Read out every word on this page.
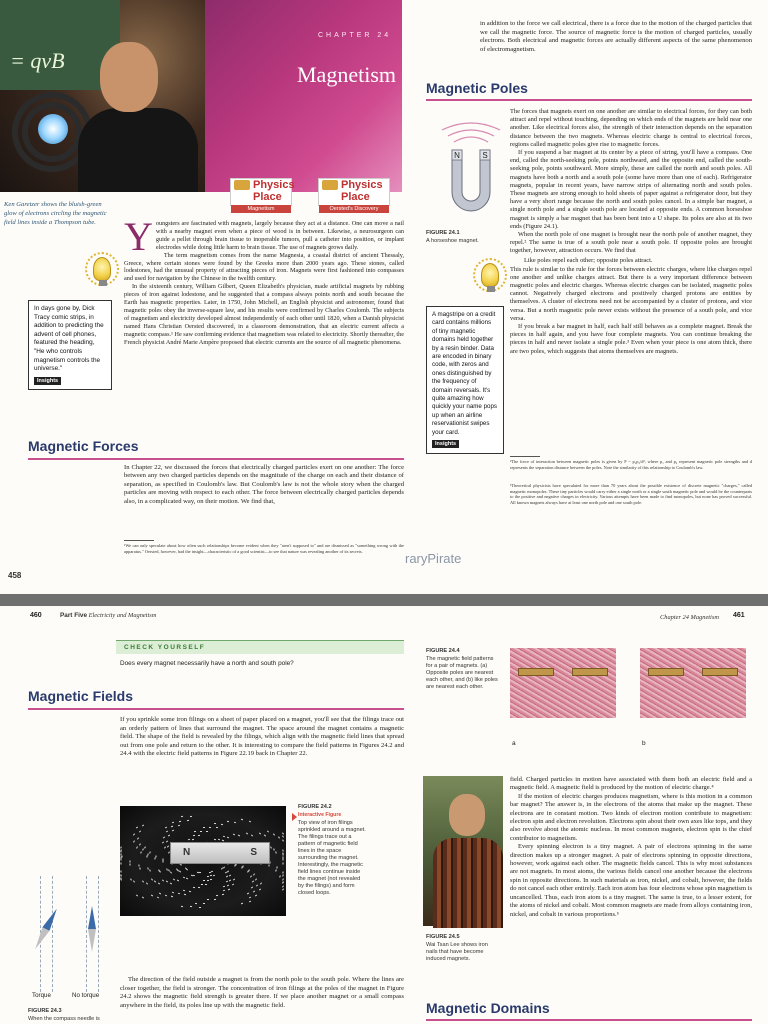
= qvB
CHAPTER 24
Magnetism
Ken Garetzer shows the bluish-green glow of electrons circling the magnetic field lines inside a Thompson tube.
Physics
Place
Magnetism
Physics
Place
Oersted's Discovery

Youngsters are fascinated with magnets, largely because they act at a distance. One can move a nail with a nearby magnet even when a piece of wood is in between. Likewise, a neurosurgeon can guide a pellet through brain tissue to inoperable tumors, pull a catheter into position, or implant electrodes while doing little harm to brain tissue. The use of magnets grows daily.

The term magnetism comes from the name Magnesia, a coastal district of ancient Thessaly, Greece, where certain stones were found by the Greeks more than 2000 years ago. These stones, called lodestones, had the unusual property of attracting pieces of iron. Magnets were first fashioned into compasses and used for navigation by the Chinese in the twelfth century.

In the sixteenth century, William Gilbert, Queen Elizabeth's physician, made artificial magnets by rubbing pieces of iron against lodestone, and he suggested that a compass always points north and south because the Earth has magnetic properties. Later, in 1750, John Michell, an English physicist and astronomer, found that magnetic poles obey the inverse-square law, and his results were confirmed by Charles Coulomb. The subjects of magnetism and electricity developed almost independently of each other until 1820, when a Danish physicist named Hans Christian Oersted discovered, in a classroom demonstration, that an electric current affects a magnetic compass.¹ He saw confirming evidence that magnetism was related to electricity. Shortly thereafter, the French physicist André Marie Ampère proposed that electric currents are the source of all magnetic phenomena.

In days gone by, Dick Tracy comic strips, in addition to predicting the advent of cell phones, featured the heading, "He who controls magnetism controls the universe."
Insights
Magnetic Forces
In Chapter 22, we discussed the forces that electrically charged particles exert on one another: The force between any two charged particles depends on the magnitude of the charge on each and their distance of separation, as specified in Coulomb's law. But Coulomb's law is not the whole story when the charged particles are moving with respect to each other. The force between electrically charged particles depends also, in a complicated way, on their motion. We find that,
¹We can only speculate about how often such relationships become evident when they "aren't supposed to" and are dismissed as "something wrong with the apparatus." Oersted, however, had the insight—characteristic of a good scientist—to see that nature was revealing another of its secrets.
458
raryPirate
in addition to the force we call electrical, there is a force due to the motion of the charged particles that we call the magnetic force. The source of magnetic force is the motion of charged particles, usually electrons. Both electrical and magnetic forces are actually different aspects of the same phenomenon of electromagnetism.
Magnetic Poles
N	S
FIGURE 24.1
A horseshoe magnet.

The forces that magnets exert on one another are similar to electrical forces, for they can both attract and repel without touching, depending on which ends of the magnets are held near one another. Like electrical forces also, the strength of their interaction depends on the separation distance between the two magnets. Whereas electric charge is central to electrical forces, regions called magnetic poles give rise to magnetic forces.

If you suspend a bar magnet at its center by a piece of string, you'll have a compass. One end, called the north-seeking pole, points northward, and the opposite end, called the south-seeking pole, points southward. More simply, these are called the north and south poles. All magnets have both a north and a south pole (some have more than one of each). Refrigerator magnets, popular in recent years, have narrow strips of alternating north and south poles. These magnets are strong enough to hold sheets of paper against a refrigerator door, but they have a very short range because the north and south poles cancel. In a simple bar magnet, a single north pole and a single south pole are located at opposite ends. A common horseshoe magnet is simply a bar magnet that has been bent into a U shape. Its poles are also at its two ends (Figure 24.1).

When the north pole of one magnet is brought near the north pole of another magnet, they repel.² The same is true of a south pole near a south pole. If opposite poles are brought together, however, attraction occurs. We find that

Like poles repel each other; opposite poles attract.

This rule is similar to the rule for the forces between electric charges, where like charges repel one another and unlike charges attract. But there is a very important difference between magnetic poles and electric charges. Whereas electric charges can be isolated, magnetic poles cannot. Negatively charged electrons and positively charged protons are entities by themselves. A cluster of electrons need not be accompanied by a cluster of protons, and vice versa. But a north magnetic pole never exists without the presence of a south pole, and vice versa.

If you break a bar magnet in half, each half still behaves as a complete magnet. Break the pieces in half again, and you have four complete magnets. You can continue breaking the pieces in half and never isolate a single pole.³ Even when your piece is one atom thick, there are two poles, which suggests that atoms themselves are magnets.

A magstripe on a credit card contains millions of tiny magnetic domains held together by a resin binder. Data are encoded in binary code, with zeros and ones distinguished by the frequency of domain reversals. It's quite amazing how quickly your name pops up when an airline reservationist swipes your card.
Insights
²The force of interaction between magnetic poles is given by F ~ p₁p₂/d², where p₁ and p₂ represent magnetic pole strengths and d represents the separation distance between the poles. Note the similarity of this relationship to Coulomb's law.
³Theoretical physicists have speculated for more than 70 years about the possible existence of discrete magnetic "charges," called magnetic monopoles. These tiny particles would carry either a single north or a single south magnetic pole and would be the counterparts to the positive and negative charges in electricity. Various attempts have been made to find monopoles, but none has proved successful. All known magnets always have at least one north pole and one south pole.
460	Part Five Electricity and Magnetism	Chapter 24 Magnetism 461
CHECK YOURSELF
Does every magnet necessarily have a north and south pole?
Magnetic Fields
If you sprinkle some iron filings on a sheet of paper placed on a magnet, you'll see that the filings trace out an orderly pattern of lines that surround the magnet. The space around the magnet contains a magnetic field. The shape of the field is revealed by the filings, which align with the magnetic field lines that spread out from one pole and return to the other. It is interesting to compare the field patterns in Figures 24.2 and 24.4 with the electric field patterns in Figure 22.19 back in Chapter 22.
N	S
FIGURE 24.2
Interactive Figure
Top view of iron filings sprinkled around a magnet. The filings trace out a pattern of magnetic field lines in the space surrounding the magnet. Interestingly, the magnetic field lines continue inside the magnet (not revealed by the filings) and form closed loops.
Torque	No torque
FIGURE 24.3
When the compass needle is
The direction of the field outside a magnet is from the north pole to the south pole. Where the lines are closer together, the field is stronger. The concentration of iron filings at the poles of the magnet in Figure 24.2 shows the magnetic field strength is greater there. If we place another magnet or a small compass anywhere in the field, its poles line up with the magnetic field.
FIGURE 24.4
The magnetic field patterns for a pair of magnets. (a) Opposite poles are nearest each other, and (b) like poles are nearest each other.
a	b
FIGURE 24.5
Wai Tsan Lee shows iron nails that have become induced magnets.

field. Charged particles in motion have associated with them both an electric field and a magnetic field. A magnetic field is produced by the motion of electric charge.⁴

If the motion of electric charges produces magnetism, where is this motion in a common bar magnet? The answer is, in the electrons of the atoms that make up the magnet. These electrons are in constant motion. Two kinds of electron motion contribute to magnetism: electron spin and electron revolution. Electrons spin about their own axes like tops, and they also revolve about the atomic nucleus. In most common magnets, electron spin is the chief contributor to magnetism.

Every spinning electron is a tiny magnet. A pair of electrons spinning in the same direction makes up a stronger magnet. A pair of electrons spinning in opposite directions, however, work against each other. The magnetic fields cancel. This is why most substances are not magnets. In most atoms, the various fields cancel one another because the electrons spin in opposite directions. In such materials as iron, nickel, and cobalt, however, the fields do not cancel each other entirely. Each iron atom has four electrons whose spin magnetism is uncancelled. Thus, each iron atom is a tiny magnet. The same is true, to a lesser extent, for the atoms of nickel and cobalt. Most common magnets are made from alloys containing iron, nickel, and cobalt in various proportions.⁵

Magnetic Domains
